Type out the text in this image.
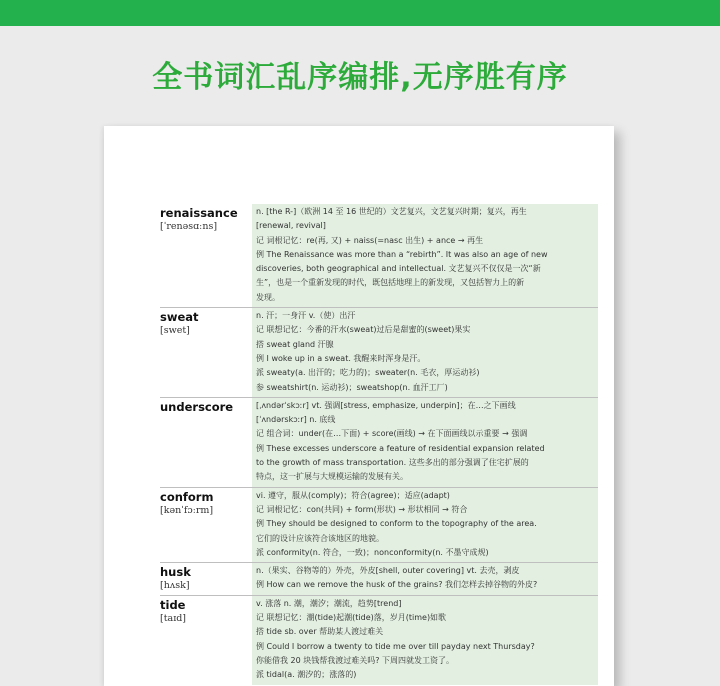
全书词汇乱序编排,无序胜有序
renaissance
[ˈrenəsɑːns]
n. [the R-]（欧洲 14 至 16 世纪的）文艺复兴，文艺复兴时期；复兴，再生
[renewal, revival]
记 词根记忆：re(再, 又) + naiss(=nasc 出生) + ance → 再生
例 The Renaissance was more than a “rebirth”. It was also an age of new
discoveries, both geographical and intellectual. 文艺复兴不仅仅是一次“新
生”，也是一个重新发现的时代，既包括地理上的新发现，又包括智力上的新
发现。
sweat
[swet]
n. 汗；一身汗 v.（使）出汗
记 联想记忆：今番的汗水(sweat)过后是甜蜜的(sweet)果实
搭 sweat gland 汗腺
例 I woke up in a sweat. 我醒来时浑身是汗。
派 sweaty(a. 出汗的；吃力的)；sweater(n. 毛衣，厚运动衫)
参 sweatshirt(n. 运动衫)；sweatshop(n. 血汗工厂)
underscore	[ˌʌndərˈskɔːr] vt. 强调[stress, emphasize, underpin]；在…之下画线
[ˈʌndərskɔːr] n. 底线
记 组合词：under(在…下面) + score(画线) → 在下面画线以示重要 → 强调
例 These excesses underscore a feature of residential expansion related
to the growth of mass transportation. 这些多出的部分强调了住宅扩展的
特点，这一扩展与大规模运输的发展有关。
conform
[kənˈfɔːrm]
vi. 遵守，服从(comply)；符合(agree)；适应(adapt)
记 词根记忆：con(共同) + form(形状) → 形状相同 → 符合
例 They should be designed to conform to the topography of the area.
它们的设计应该符合该地区的地貌。
派 conformity(n. 符合，一致)；nonconformity(n. 不墨守成规)
husk
[hʌsk]
n.（果实、谷物等的）外壳，外皮[shell, outer covering] vt. 去壳，剥皮
例 How can we remove the husk of the grains? 我们怎样去掉谷物的外皮?
tide
[taɪd]
v. 涨落 n. 潮，潮汐；潮流，趋势[trend]
记 联想记忆：潮(tide)起潮(tide)落，岁月(time)如歌
搭 tide sb. over 帮助某人渡过难关
例 Could I borrow a twenty to tide me over till payday next Thursday?
你能借我 20 块钱帮我渡过难关吗? 下周四就发工资了。
派 tidal(a. 潮汐的；涨落的)
